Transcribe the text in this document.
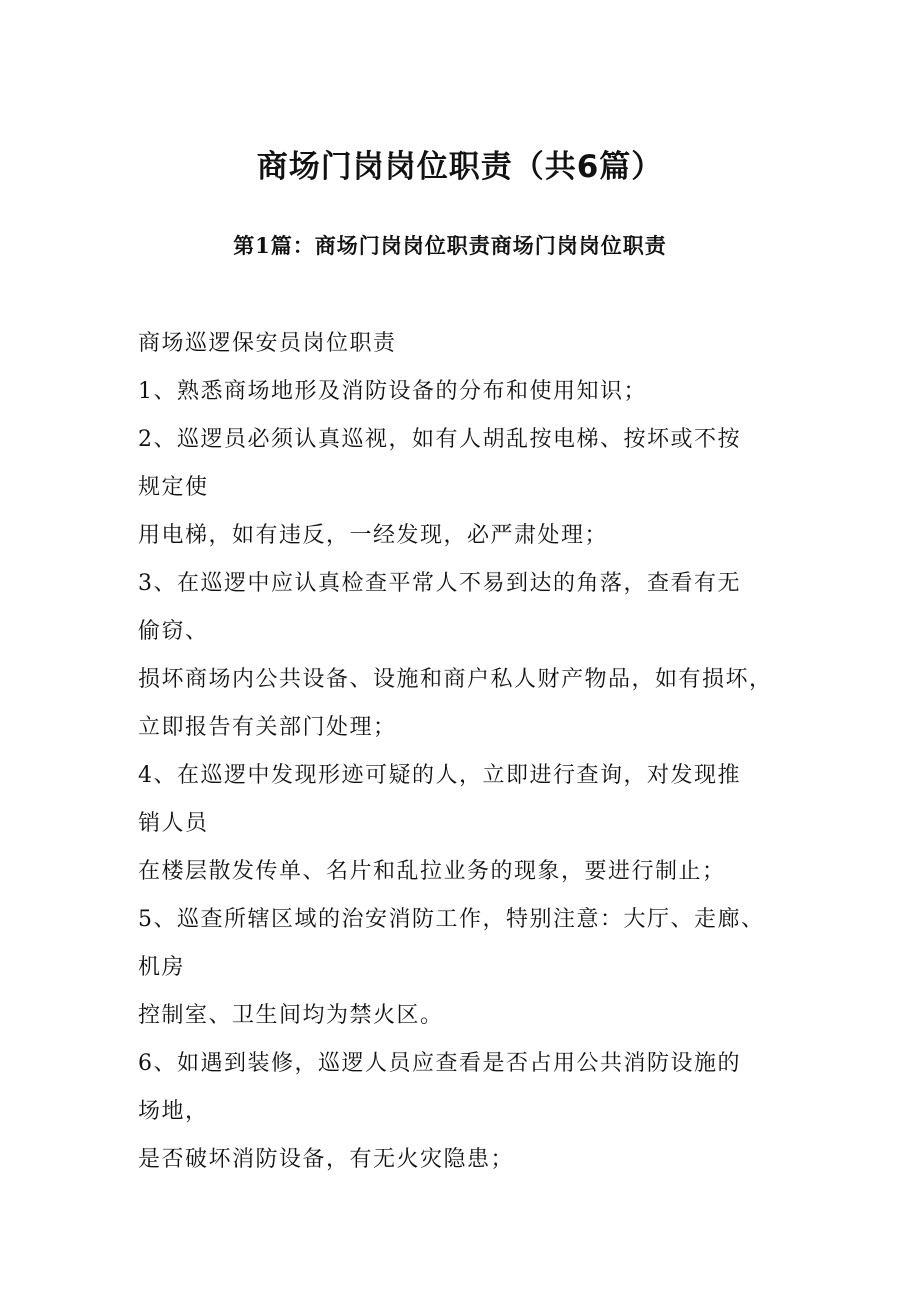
商场门岗岗位职责（共6篇）
第1篇：商场门岗岗位职责商场门岗岗位职责
商场巡逻保安员岗位职责
1、熟悉商场地形及消防设备的分布和使用知识；
2、巡逻员必须认真巡视，如有人胡乱按电梯、按坏或不按
规定使
用电梯，如有违反，一经发现，必严肃处理；
3、在巡逻中应认真检查平常人不易到达的角落，查看有无
偷窃、
损坏商场内公共设备、设施和商户私人财产物品，如有损坏，
立即报告有关部门处理；
4、在巡逻中发现形迹可疑的人，立即进行查询，对发现推
销人员
在楼层散发传单、名片和乱拉业务的现象，要进行制止；
5、巡查所辖区域的治安消防工作，特别注意：大厅、走廊、
机房
控制室、卫生间均为禁火区。
6、如遇到装修，巡逻人员应查看是否占用公共消防设施的
场地，
是否破坏消防设备，有无火灾隐患；
